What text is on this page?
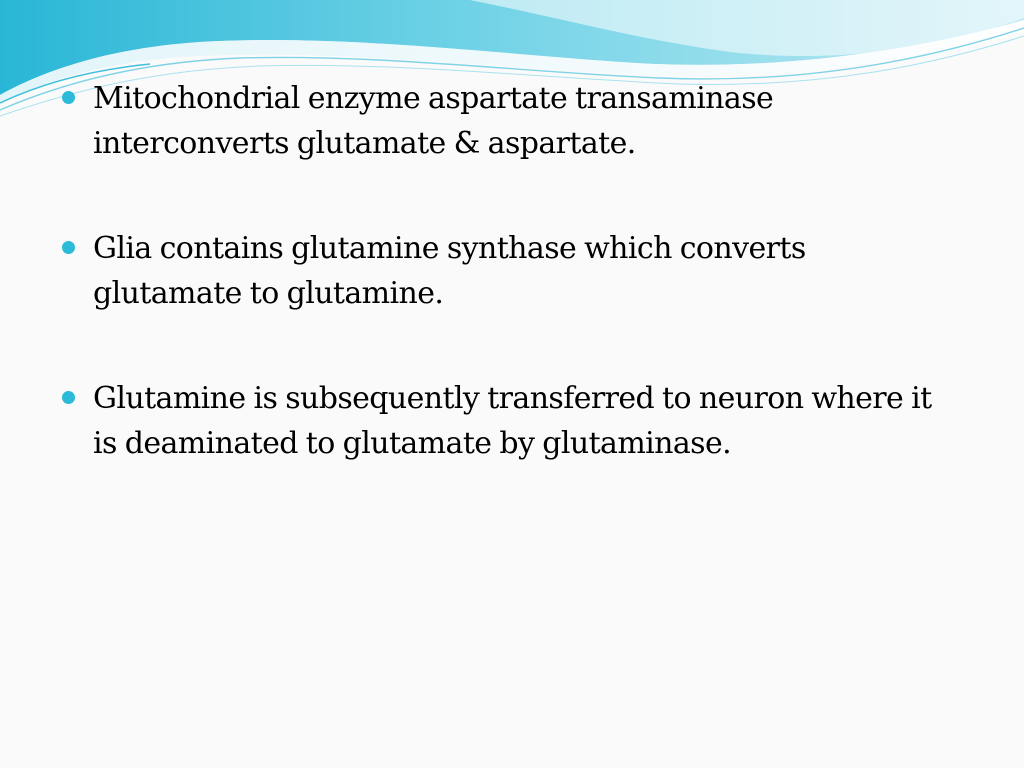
Mitochondrial enzyme aspartate transaminase interconverts glutamate & aspartate.
Glia contains glutamine synthase which converts glutamate to glutamine.
Glutamine is subsequently transferred to neuron where it is deaminated to glutamate by glutaminase.
